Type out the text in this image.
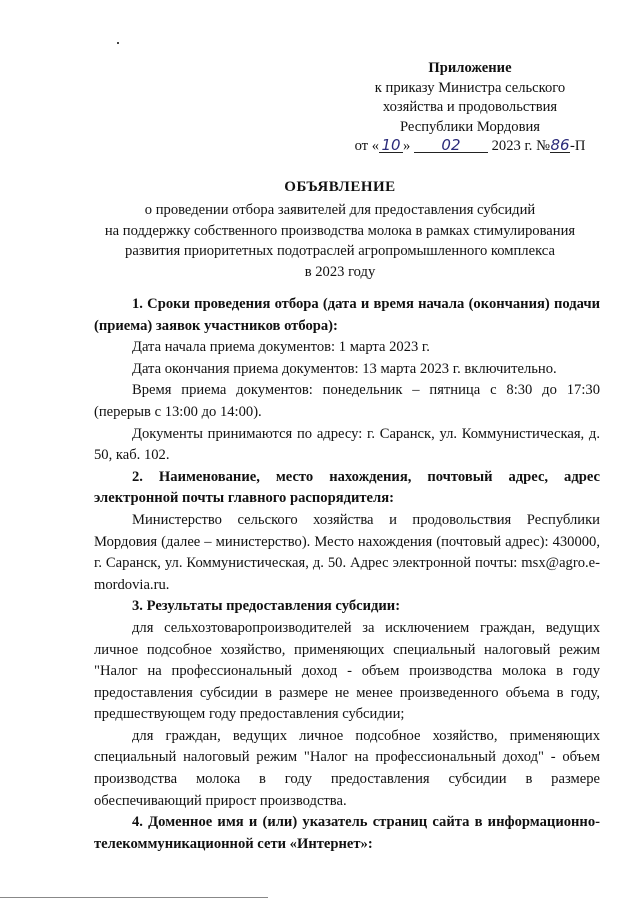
Приложение
к приказу Министра сельского
хозяйства и продовольствия
Республики Мордовия
от « 10 » 02 2023 г. №86-П
ОБЪЯВЛЕНИЕ
о проведении отбора заявителей для предоставления субсидий
на поддержку собственного производства молока в рамках стимулирования
развития приоритетных подотраслей агропромышленного комплекса
в 2023 году

1. Сроки проведения отбора (дата и время начала (окончания) подачи (приема) заявок участников отбора):

Дата начала приема документов: 1 марта 2023 г.

Дата окончания приема документов: 13 марта 2023 г. включительно.

Время приема документов: понедельник – пятница с 8:30 до 17:30 (перерыв с 13:00 до 14:00).

Документы принимаются по адресу: г. Саранск, ул. Коммунистическая, д. 50, каб. 102.

2. Наименование, место нахождения, почтовый адрес, адрес электронной почты главного распорядителя:

Министерство сельского хозяйства и продовольствия Республики Мордовия (далее – министерство). Место нахождения (почтовый адрес): 430000, г. Саранск, ул. Коммунистическая, д. 50. Адрес электронной почты: msx@agro.e-mordovia.ru.

3. Результаты предоставления субсидии:

для сельхозтоваропроизводителей за исключением граждан, ведущих личное подсобное хозяйство, применяющих специальный налоговый режим "Налог на профессиональный доход - объем производства молока в году предоставления субсидии в размере не менее произведенного объема в году, предшествующем году предоставления субсидии;

для граждан, ведущих личное подсобное хозяйство, применяющих специальный налоговый режим "Налог на профессиональный доход" - объем производства молока в году предоставления субсидии в размере обеспечивающий прирост производства.

4. Доменное имя и (или) указатель страниц сайта в информационно-телекоммуникационной сети «Интернет»:
